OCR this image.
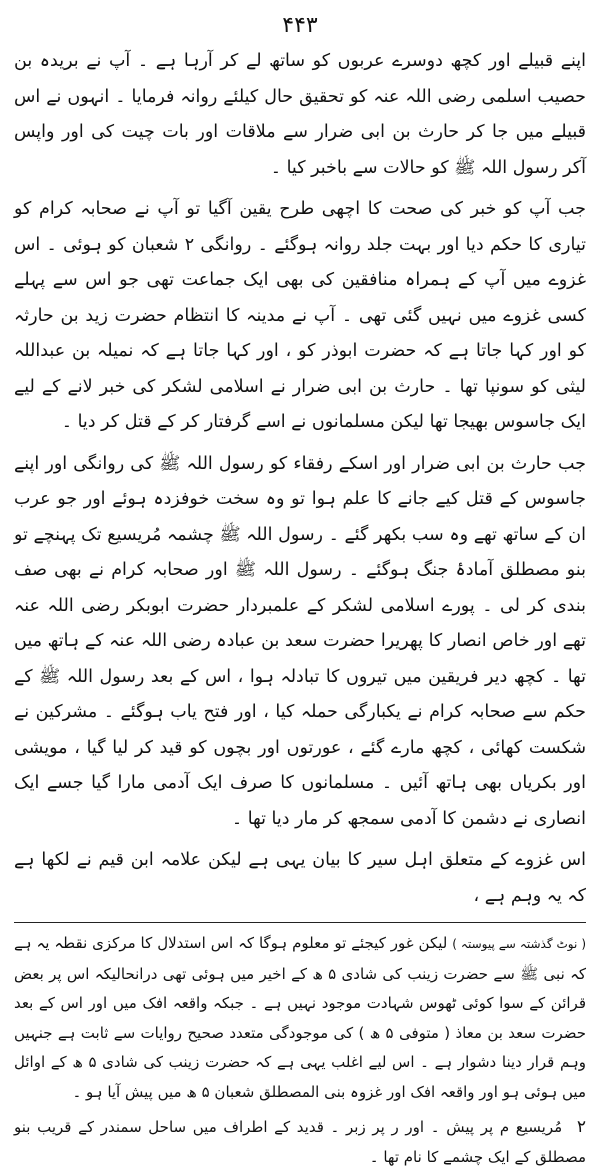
۴۴۳

اپنے قبیلے اور کچھ دوسرے عربوں کو ساتھ لے کر آرہا ہے ۔ آپ نے بریدہ بن حصیب اسلمی رضی اللہ عنہ کو تحقیق حال کیلئے روانہ فرمایا ۔ انہوں نے اس قبیلے میں جا کر حارث بن ابی ضرار سے ملاقات اور بات چیت کی اور واپس آکر رسول اللہ ﷺ کو حالات سے باخبر کیا ۔

جب آپ کو خبر کی صحت کا اچھی طرح یقین آگیا تو آپ نے صحابہ کرام کو تیاری کا حکم دیا اور بہت جلد روانہ ہوگئے ۔ روانگی ۲ شعبان کو ہوئی ۔ اس غزوے میں آپ کے ہمراہ منافقین کی بھی ایک جماعت تھی جو اس سے پہلے کسی غزوے میں نہیں گئی تھی ۔ آپ نے مدینہ کا انتظام حضرت زید بن حارثہ کو اور کہا جاتا ہے کہ حضرت ابوذر کو ، اور کہا جاتا ہے کہ نمیلہ بن عبداللہ لیثی کو سونپا تھا ۔ حارث بن ابی ضرار نے اسلامی لشکر کی خبر لانے کے لیے ایک جاسوس بھیجا تھا لیکن مسلمانوں نے اسے گرفتار کر کے قتل کر دیا ۔

جب حارث بن ابی ضرار اور اسکے رفقاء کو رسول اللہ ﷺ کی روانگی اور اپنے جاسوس کے قتل کیے جانے کا علم ہوا تو وہ سخت خوفزدہ ہوئے اور جو عرب ان کے ساتھ تھے وہ سب بکھر گئے ۔ رسول اللہ ﷺ چشمہ مُریسیع تک پہنچے تو بنو مصطلق آمادۂ جنگ ہوگئے ۔ رسول اللہ ﷺ اور صحابہ کرام نے بھی صف بندی کر لی ۔ پورے اسلامی لشکر کے علمبردار حضرت ابوبکر رضی اللہ عنہ تھے اور خاص انصار کا پھریرا حضرت سعد بن عبادہ رضی اللہ عنہ کے ہاتھ میں تھا ۔ کچھ دیر فریقین میں تیروں کا تبادلہ ہوا ، اس کے بعد رسول اللہ ﷺ کے حکم سے صحابہ کرام نے یکبارگی حملہ کیا ، اور فتح یاب ہوگئے ۔ مشرکین نے شکست کھائی ، کچھ مارے گئے ، عورتوں اور بچوں کو قید کر لیا گیا ، مویشی اور بکریاں بھی ہاتھ آئیں ۔ مسلمانوں کا صرف ایک آدمی مارا گیا جسے ایک انصاری نے دشمن کا آدمی سمجھ کر مار دیا تھا ۔

اس غزوے کے متعلق اہل سیر کا بیان یہی ہے لیکن علامہ ابن قیم نے لکھا ہے کہ یہ وہم ہے ،

( نوٹ گذشتہ سے پیوستہ ) لیکن غور کیجئے تو معلوم ہوگا کہ اس استدلال کا مرکزی نقطہ یہ ہے کہ نبی ﷺ سے حضرت زینب کی شادی ۵ ھ کے اخیر میں ہوئی تھی درانحالیکہ اس پر بعض قرائن کے سوا کوئی ٹھوس شہادت موجود نہیں ہے ۔ جبکہ واقعہ افک میں اور اس کے بعد حضرت سعد بن معاذ ( متوفی ۵ ھ ) کی موجودگی متعدد صحیح روایات سے ثابت ہے جنہیں وہم قرار دینا دشوار ہے ۔ اس لیے اغلب یہی ہے کہ حضرت زینب کی شادی ۵ ھ کے اوائل میں ہوئی ہو اور واقعہ افک اور غزوہ بنی المصطلق شعبان ۵ ھ میں پیش آیا ہو ۔

۲ مُریسیع م پر پیش ۔ اور ر پر زبر ۔ قدید کے اطراف میں ساحل سمندر کے قریب بنو مصطلق کے ایک چشمے کا نام تھا ۔
